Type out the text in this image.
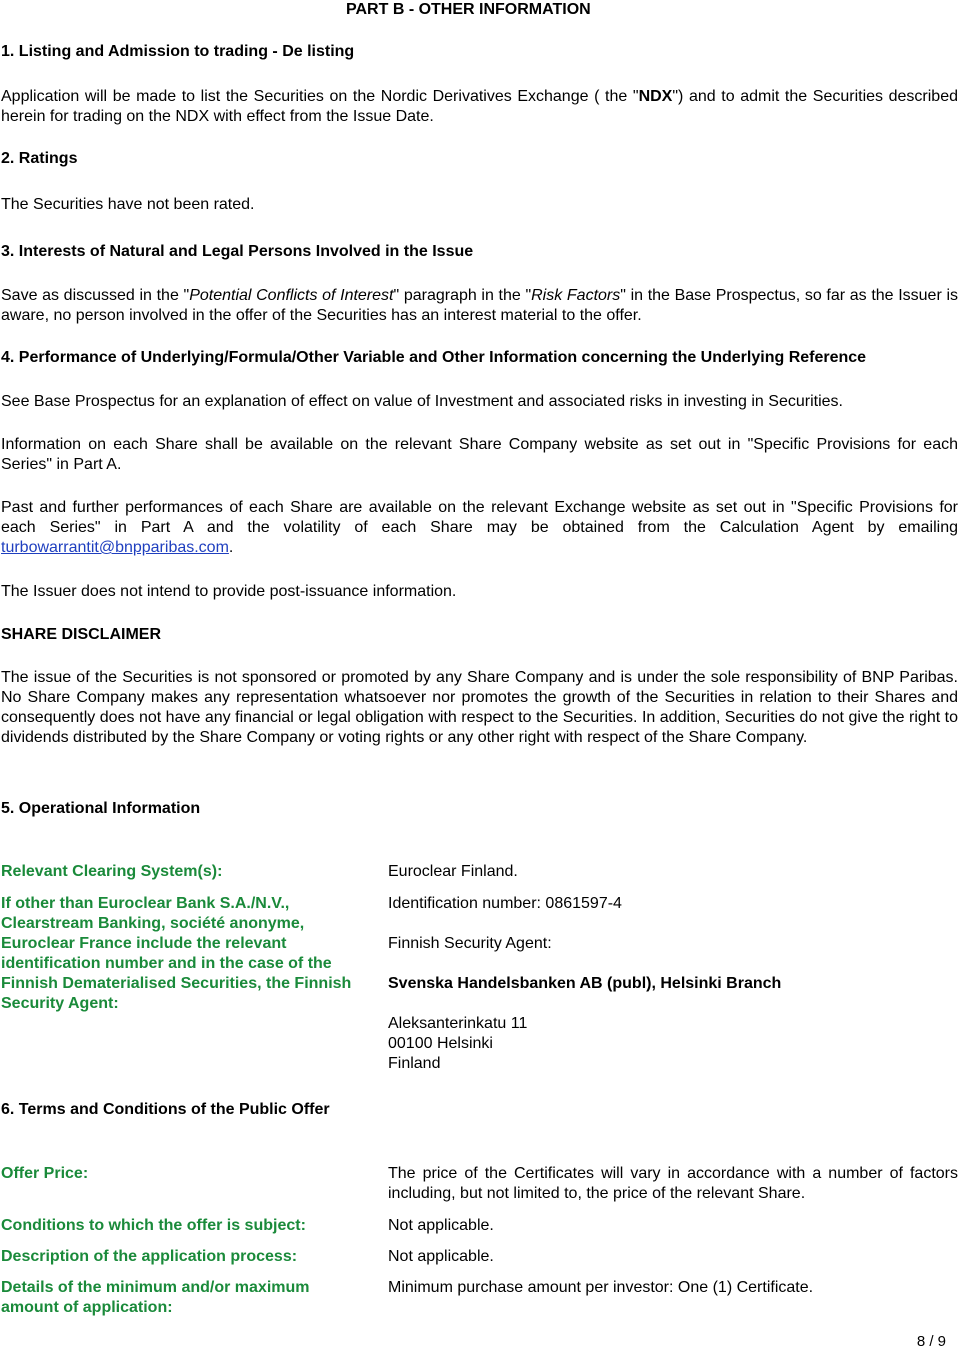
PART B - OTHER INFORMATION
1. Listing and Admission to trading - De listing

Application will be made to list the Securities on the Nordic Derivatives Exchange ( the "NDX") and to admit the Securities described herein for trading on the NDX with effect from the Issue Date.

2. Ratings

The Securities have not been rated.

3. Interests of Natural and Legal Persons Involved in the Issue

Save as discussed in the "Potential Conflicts of Interest" paragraph in the "Risk Factors" in the Base Prospectus, so far as the Issuer is aware, no person involved in the offer of the Securities has an interest material to the offer.

4. Performance of Underlying/Formula/Other Variable and Other Information concerning the Underlying Reference

See Base Prospectus for an explanation of effect on value of Investment and associated risks in investing in Securities.

Information on each Share shall be available on the relevant Share Company website as set out in "Specific Provisions for each Series" in Part A.

Past and further performances of each Share are available on the relevant Exchange website as set out in "Specific Provisions for each Series" in Part A and the volatility of each Share may be obtained from the Calculation Agent by emailing turbowarrantit@bnpparibas.com.

The Issuer does not intend to provide post-issuance information.

SHARE DISCLAIMER

The issue of the Securities is not sponsored or promoted by any Share Company and is under the sole responsibility of BNP Paribas. No Share Company makes any representation whatsoever nor promotes the growth of the Securities in relation to their Shares and consequently does not have any financial or legal obligation with respect to the Securities. In addition, Securities do not give the right to dividends distributed by the Share Company or voting rights or any other right with respect of the Share Company.

5. Operational Information
Relevant Clearing System(s):	Euroclear Finland.
If other than Euroclear Bank S.A./N.V., Clearstream Banking, société anonyme, Euroclear France include the relevant identification number and in the case of the Finnish Dematerialised Securities, the Finnish Security Agent:
Identification number: 0861597-4
Finnish Security Agent:
Svenska Handelsbanken AB (publ), Helsinki Branch
Aleksanterinkatu 11
00100 Helsinki
Finland
6. Terms and Conditions of the Public Offer
Offer Price:	The price of the Certificates will vary in accordance with a number of factors including, but not limited to, the price of the relevant Share.
Conditions to which the offer is subject:	Not applicable.
Description of the application process:	Not applicable.
Details of the minimum and/or maximum amount of application:
Minimum purchase amount per investor: One (1) Certificate.
8 / 9
